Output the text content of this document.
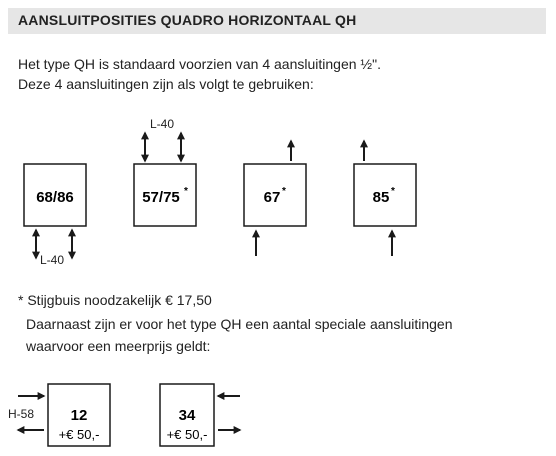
AANSLUITPOSITIES QUADRO HORIZONTAAL QH
Het type QH is standaard voorzien van 4 aansluitingen ½".
Deze 4 aansluitingen zijn als volgt te gebruiken:
68/86
L-40
57/75 *
L-40
67 *	85 *
12
+€ 50,-
H-58	34
+€ 50,-
* Stijgbuis noodzakelijk € 17,50
Daarnaast zijn er voor het type QH een aantal speciale aansluitingen
waarvoor een meerprijs geldt:
